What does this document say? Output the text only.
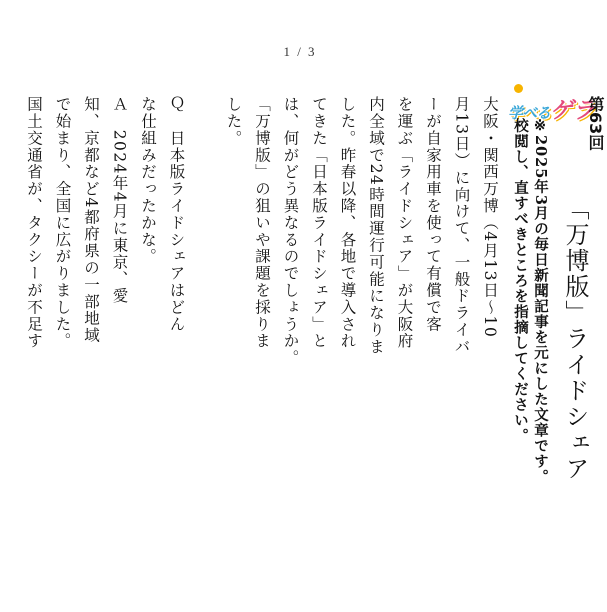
1 / 3
学べるゲラ
第63回
「万博版」ライドシェア
※2025年3月の毎日新聞記事を元にした文章です。
校閲し、直すべきところを指摘してください。
大阪・関西万博（4月13日～10
月13日）に向けて、一般ドライバ
ーが自家用車を使って有償で客
を運ぶ「ライドシェア」が大阪府
内全域で24時間運行可能になりま
した。昨春以降、各地で導入され
てきた「日本版ライドシェア」と
は、何がどう異なるのでしょうか。
「万博版」の狙いや課題を採りま
した。
Ｑ　日本版ライドシェアはどん
な仕組みだったかな。
Ａ　2024年4月に東京、愛
知、京都など4都府県の一部地域
で始まり、全国に広がりました。
国土交通省が、タクシーが不足す
